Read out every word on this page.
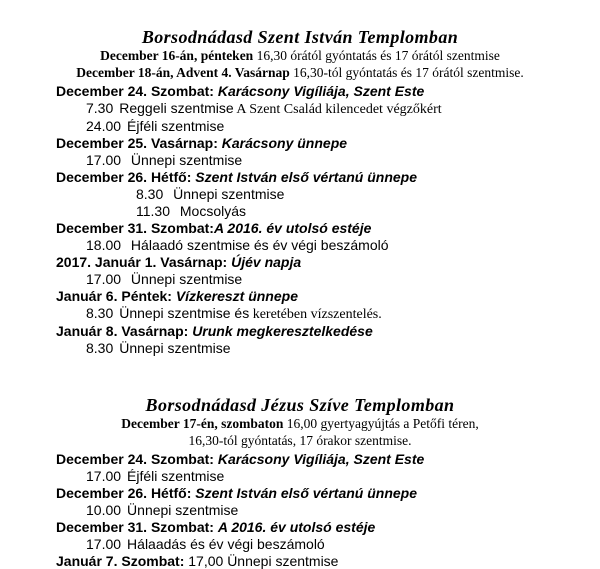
Borsodnádasd Szent István Templomban
December 16-án, pénteken 16,30 órától gyóntatás és 17 órától szentmise
December 18-án, Advent 4. Vasárnap 16,30-tól gyóntatás és 17 órától szentmise.
December 24. Szombat: Karácsony Vigíliája, Szent Este
7.30 Reggeli szentmise A Szent Család kilencedet végzőkért
24.00 Éjféli szentmise
December 25. Vasárnap: Karácsony ünnepe
17.00 Ünnepi szentmise
December 26. Hétfő: Szent István első vértanú ünnepe
8.30 Ünnepi szentmise
11.30 Mocsolyás
December 31. Szombat:A 2016. év utolsó estéje
18.00 Hálaadó szentmise és év végi beszámoló
2017. Január 1. Vasárnap: Újév napja
17.00 Ünnepi szentmise
Január 6. Péntek: Vízkereszt ünnepe
8.30 Ünnepi szentmise és keretében vízszentelés.
Január 8. Vasárnap: Urunk megkeresztelkedése
8.30 Ünnepi szentmise
Borsodnádasd Jézus Szíve Templomban
December 17-én, szombaton 16,00 gyertyagyújtás a Petőfi téren,
16,30-tól gyóntatás, 17 órakor szentmise.
December 24. Szombat: Karácsony Vigíliája, Szent Este
17.00 Éjféli szentmise
December 26. Hétfő: Szent István első vértanú ünnepe
10.00 Ünnepi szentmise
December 31. Szombat: A 2016. év utolsó estéje
17.00 Hálaadás és év végi beszámoló
Január 7. Szombat: 17,00 Ünnepi szentmise
